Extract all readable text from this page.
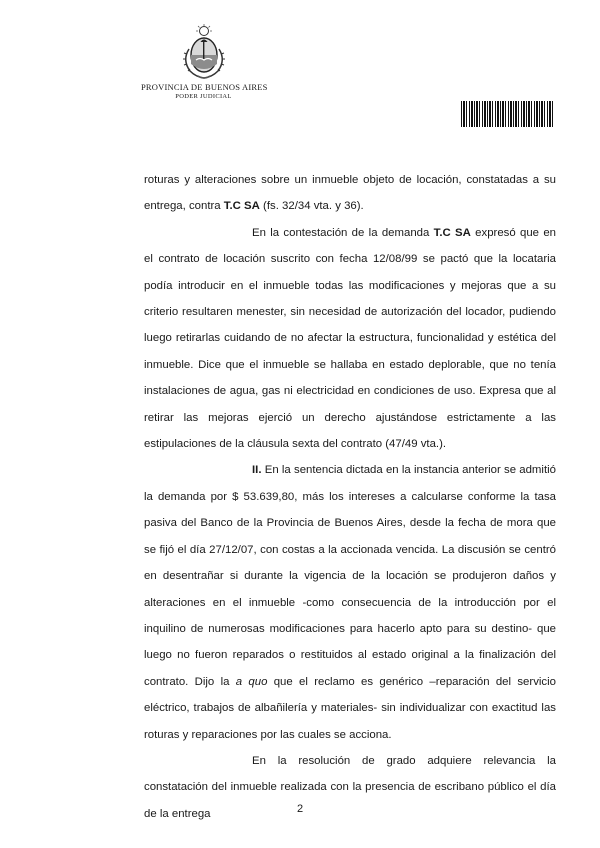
PROVINCIA DE BUENOS AIRES
PODER JUDICIAL

roturas y alteraciones sobre un inmueble objeto de locación, constatadas a su entrega, contra T.C SA (fs. 32/34 vta. y 36).

En la contestación de la demanda T.C SA expresó que en el contrato de locación suscrito con fecha 12/08/99 se pactó que la locataria podía introducir en el inmueble todas las modificaciones y mejoras que a su criterio resultaren menester, sin necesidad de autorización del locador, pudiendo luego retirarlas cuidando de no afectar la estructura, funcionalidad y estética del inmueble. Dice que el inmueble se hallaba en estado deplorable, que no tenía instalaciones de agua, gas ni electricidad en condiciones de uso. Expresa que al retirar las mejoras ejerció un derecho ajustándose estrictamente a las estipulaciones de la cláusula sexta del contrato (47/49 vta.).

II. En la sentencia dictada en la instancia anterior se admitió la demanda por $ 53.639,80, más los intereses a calcularse conforme la tasa pasiva del Banco de la Provincia de Buenos Aires, desde la fecha de mora que se fijó el día 27/12/07, con costas a la accionada vencida. La discusión se centró en desentrañar si durante la vigencia de la locación se produjeron daños y alteraciones en el inmueble -como consecuencia de la introducción por el inquilino de numerosas modificaciones para hacerlo apto para su destino- que luego no fueron reparados o restituidos al estado original a la finalización del contrato. Dijo la a quo que el reclamo es genérico –reparación del servicio eléctrico, trabajos de albañilería y materiales- sin individualizar con exactitud las roturas y reparaciones por las cuales se acciona.

En la resolución de grado adquiere relevancia la constatación del inmueble realizada con la presencia de escribano público el día de la entrega	2
